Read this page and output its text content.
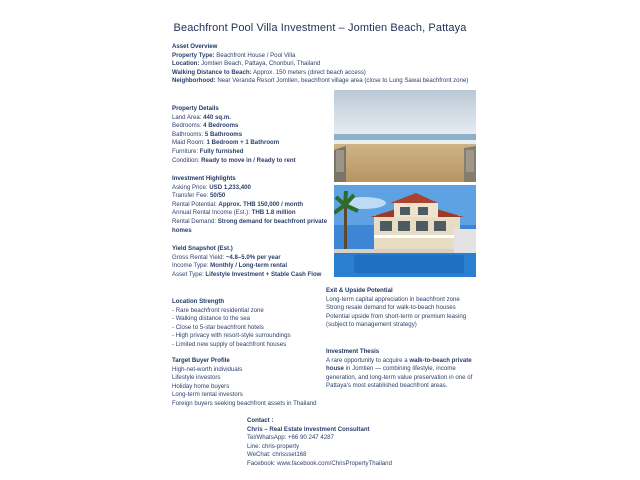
Beachfront Pool Villa Investment – Jomtien Beach, Pattaya
Asset Overview
Property Type: Beachfront House / Pool Villa
Location: Jomtien Beach, Pattaya, Chonburi, Thailand
Walking Distance to Beach: Approx. 150 meters (direct beach access)
Neighborhood: Near Veranda Resort Jomtien, beachfront village area (close to Lung Sawai beachfront zone)
Property Details
Land Area: 440 sq.m.
Bedrooms: 4 Bedrooms
Bathrooms: 5 Bathrooms
Maid Room: 1 Bedroom + 1 Bathroom
Furniture: Fully furnished
Condition: Ready to move in / Ready to rent
Investment Highlights
Asking Price: USD 1,233,400
Transfer Fee: 50/50
Rental Potential: Approx. THB 150,000 / month
Annual Rental Income (Est.): THB 1.8 million
Rental Demand: Strong demand for beachfront private homes
Yield Snapshot (Est.)
Gross Rental Yield: ~4.8–5.0% per year
Income Type: Monthly / Long-term rental
Asset Type: Lifestyle Investment + Stable Cash Flow
Location Strength
- Rare beachfront residential zone
- Walking distance to the sea
- Close to 5-star beachfront hotels
- High privacy with resort-style surroundings
- Limited new supply of beachfront houses
Target Buyer Profile
High-net-worth individuals
Lifestyle investors
Holiday home buyers
Long-term rental investors
Foreign buyers seeking beachfront assets in Thailand
Exit & Upside Potential
Long-term capital appreciation in beachfront zone
Strong resale demand for walk-to-beach houses
Potential upside from short-term or premium leasing (subject to management strategy)
Investment Thesis
A rare opportunity to acquire a walk-to-beach private house in Jomtien — combining lifestyle, income generation, and long-term value preservation in one of Pattaya's most established beachfront areas.
Contact :
Chris – Real Estate Investment Consultant
Tel/WhatsApp: +66 90 247 4287
Line: chris-property
WeChat: chrissset168
Facebook: www.facebook.com/ChrisPropertyThailand
